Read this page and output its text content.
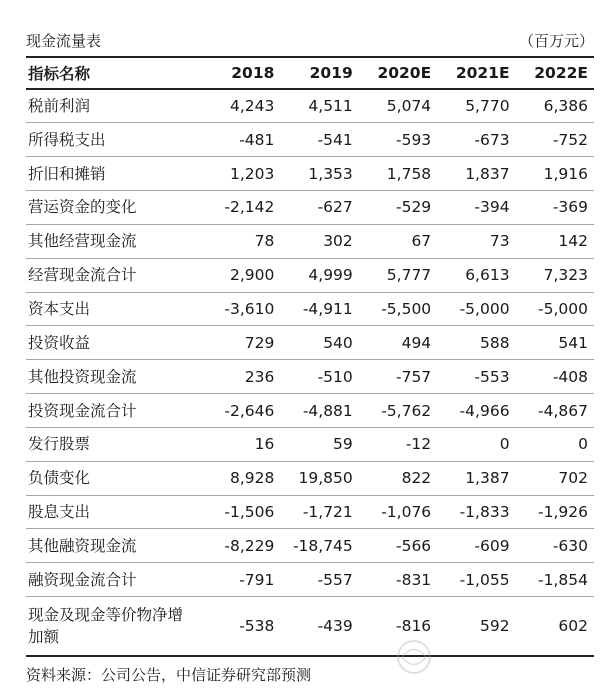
现金流量表	（百万元）
指标名称	2018	2019	2020E	2021E	2022E
税前利润	4,243	4,511	5,074	5,770	6,386
所得税支出	-481	-541	-593	-673	-752
折旧和摊销	1,203	1,353	1,758	1,837	1,916
营运资金的变化	-2,142	-627	-529	-394	-369
其他经营现金流	78	302	67	73	142
经营现金流合计	2,900	4,999	5,777	6,613	7,323
资本支出	-3,610	-4,911	-5,500	-5,000	-5,000
投资收益	729	540	494	588	541
其他投资现金流	236	-510	-757	-553	-408
投资现金流合计	-2,646	-4,881	-5,762	-4,966	-4,867
发行股票	16	59	-12	0	0
负债变化	8,928	19,850	822	1,387	702
股息支出	-1,506	-1,721	-1,076	-1,833	-1,926
其他融资现金流	-8,229	-18,745	-566	-609	-630
融资现金流合计	-791	-557	-831	-1,055	-1,854
现金及现金等价物净增加额	-538	-439	-816	592	602
资料来源：公司公告，中信证券研究部预测
